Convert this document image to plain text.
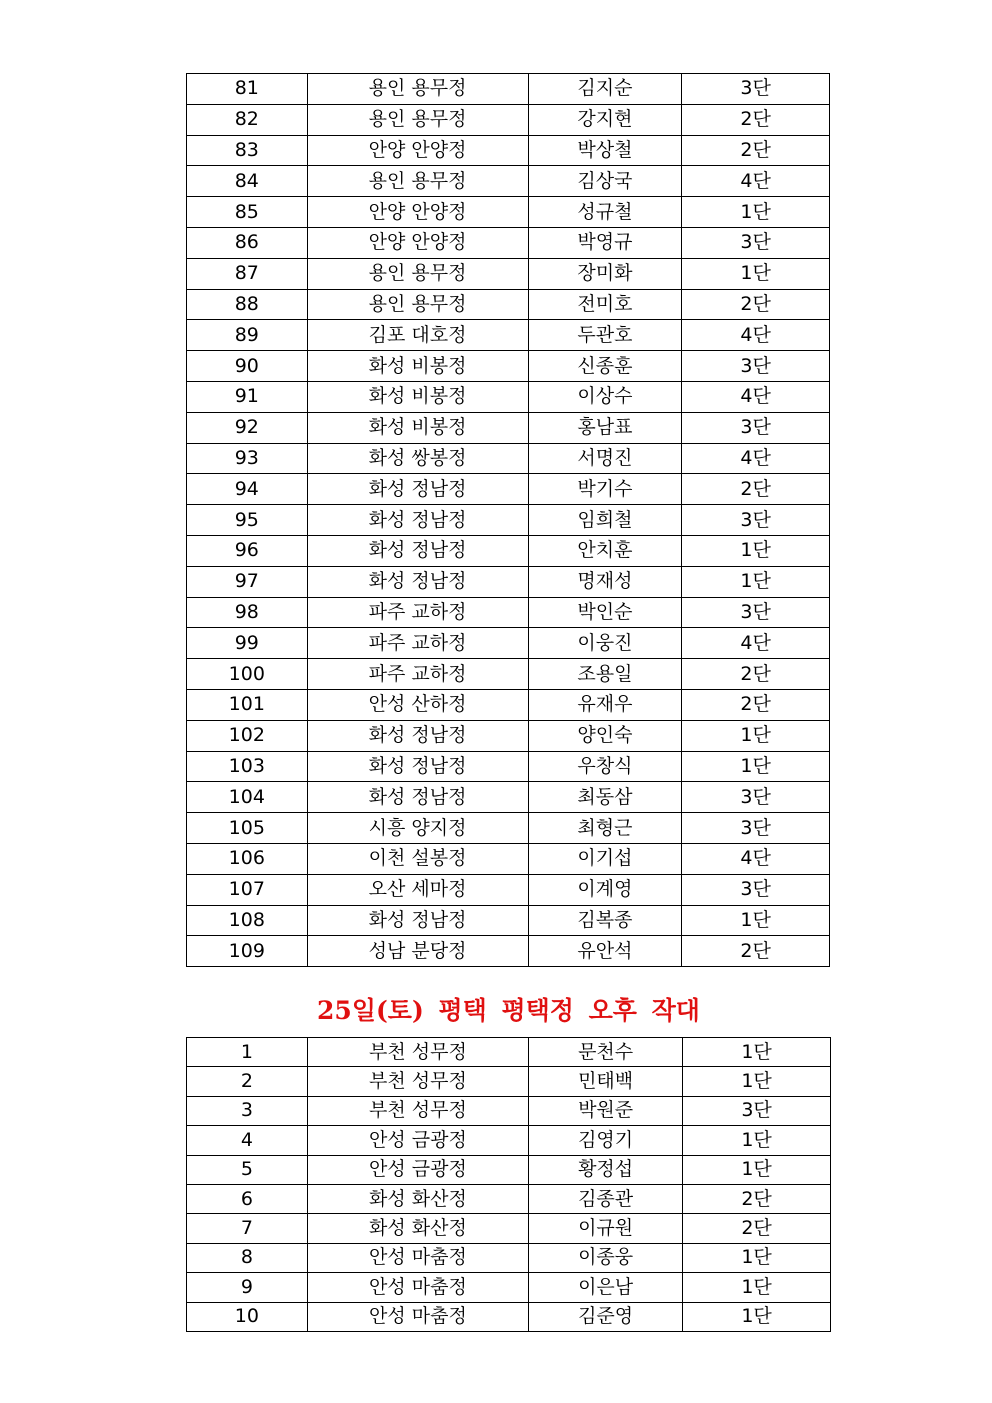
81	용인 용무정	김지순	3단
82	용인 용무정	강지현	2단
83	안양 안양정	박상철	2단
84	용인 용무정	김상국	4단
85	안양 안양정	성규철	1단
86	안양 안양정	박영규	3단
87	용인 용무정	장미화	1단
88	용인 용무정	전미호	2단
89	김포 대호정	두관호	4단
90	화성 비봉정	신종훈	3단
91	화성 비봉정	이상수	4단
92	화성 비봉정	홍남표	3단
93	화성 쌍봉정	서명진	4단
94	화성 정남정	박기수	2단
95	화성 정남정	임희철	3단
96	화성 정남정	안치훈	1단
97	화성 정남정	명재성	1단
98	파주 교하정	박인순	3단
99	파주 교하정	이웅진	4단
100	파주 교하정	조용일	2단
101	안성 산하정	유재우	2단
102	화성 정남정	양인숙	1단
103	화성 정남정	우창식	1단
104	화성 정남정	최동삼	3단
105	시흥 양지정	최형근	3단
106	이천 설봉정	이기섭	4단
107	오산 세마정	이계영	3단
108	화성 정남정	김복종	1단
109	성남 분당정	유안석	2단
25일(토) 평택 평택정 오후 작대
1	부천 성무정	문천수	1단
2	부천 성무정	민태백	1단
3	부천 성무정	박원준	3단
4	안성 금광정	김영기	1단
5	안성 금광정	황정섭	1단
6	화성 화산정	김종관	2단
7	화성 화산정	이규원	2단
8	안성 마춤정	이종웅	1단
9	안성 마춤정	이은남	1단
10	안성 마춤정	김준영	1단
